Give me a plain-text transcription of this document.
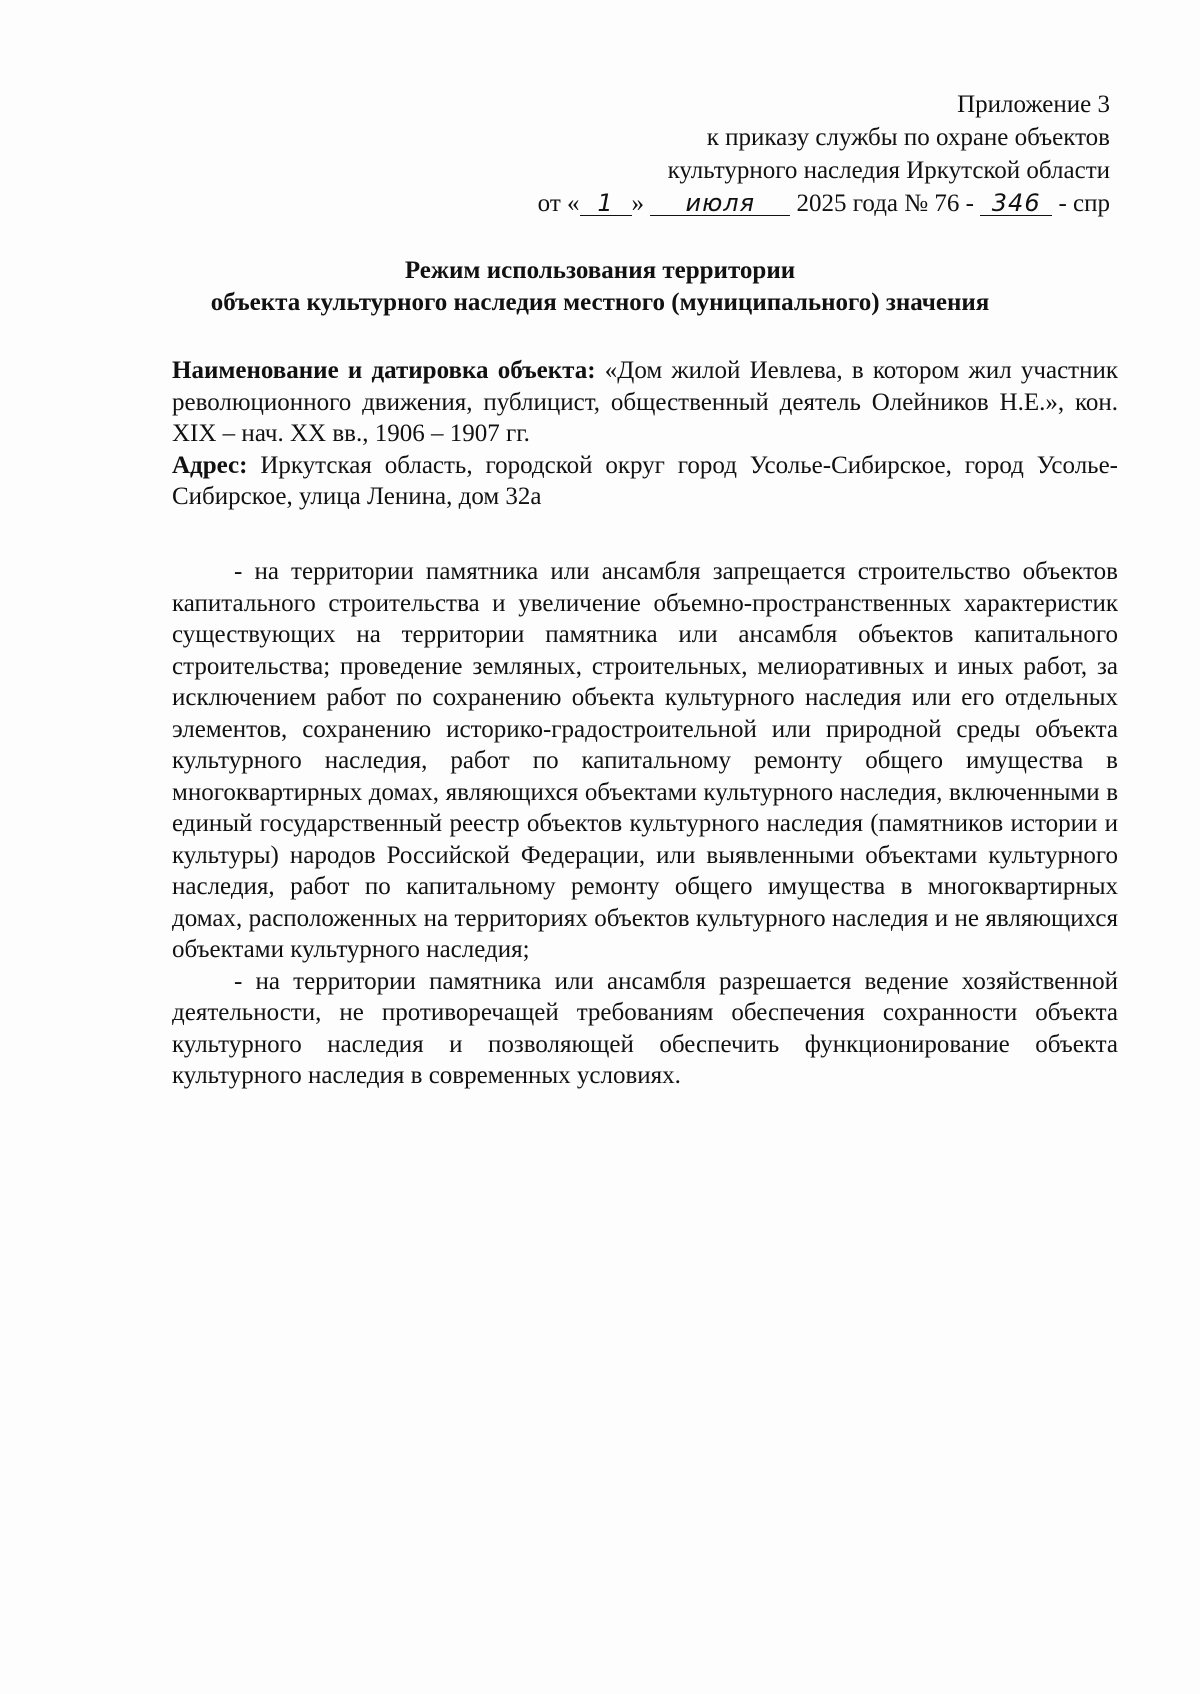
Приложение 3
к приказу службы по охране объектов
культурного наследия Иркутской области
от « 1 » июля 2025 года № 76 - 346 - спр
Режим использования территории
объекта культурного наследия местного (муниципального) значения

Наименование и датировка объекта: «Дом жилой Иевлева, в котором жил участник революционного движения, публицист, общественный деятель Олейников Н.Е.», кон. XIX – нач. XX вв., 1906 – 1907 гг.

Адрес: Иркутская область, городской округ город Усолье-Сибирское, город Усолье-Сибирское, улица Ленина, дом 32а

- на территории памятника или ансамбля запрещается строительство объектов капитального строительства и увеличение объемно-пространственных характеристик существующих на территории памятника или ансамбля объектов капитального строительства; проведение земляных, строительных, мелиоративных и иных работ, за исключением работ по сохранению объекта культурного наследия или его отдельных элементов, сохранению историко-градостроительной или природной среды объекта культурного наследия, работ по капитальному ремонту общего имущества в многоквартирных домах, являющихся объектами культурного наследия, включенными в единый государственный реестр объектов культурного наследия (памятников истории и культуры) народов Российской Федерации, или выявленными объектами культурного наследия, работ по капитальному ремонту общего имущества в многоквартирных домах, расположенных на территориях объектов культурного наследия и не являющихся объектами культурного наследия;

- на территории памятника или ансамбля разрешается ведение хозяйственной деятельности, не противоречащей требованиям обеспечения сохранности объекта культурного наследия и позволяющей обеспечить функционирование объекта культурного наследия в современных условиях.
